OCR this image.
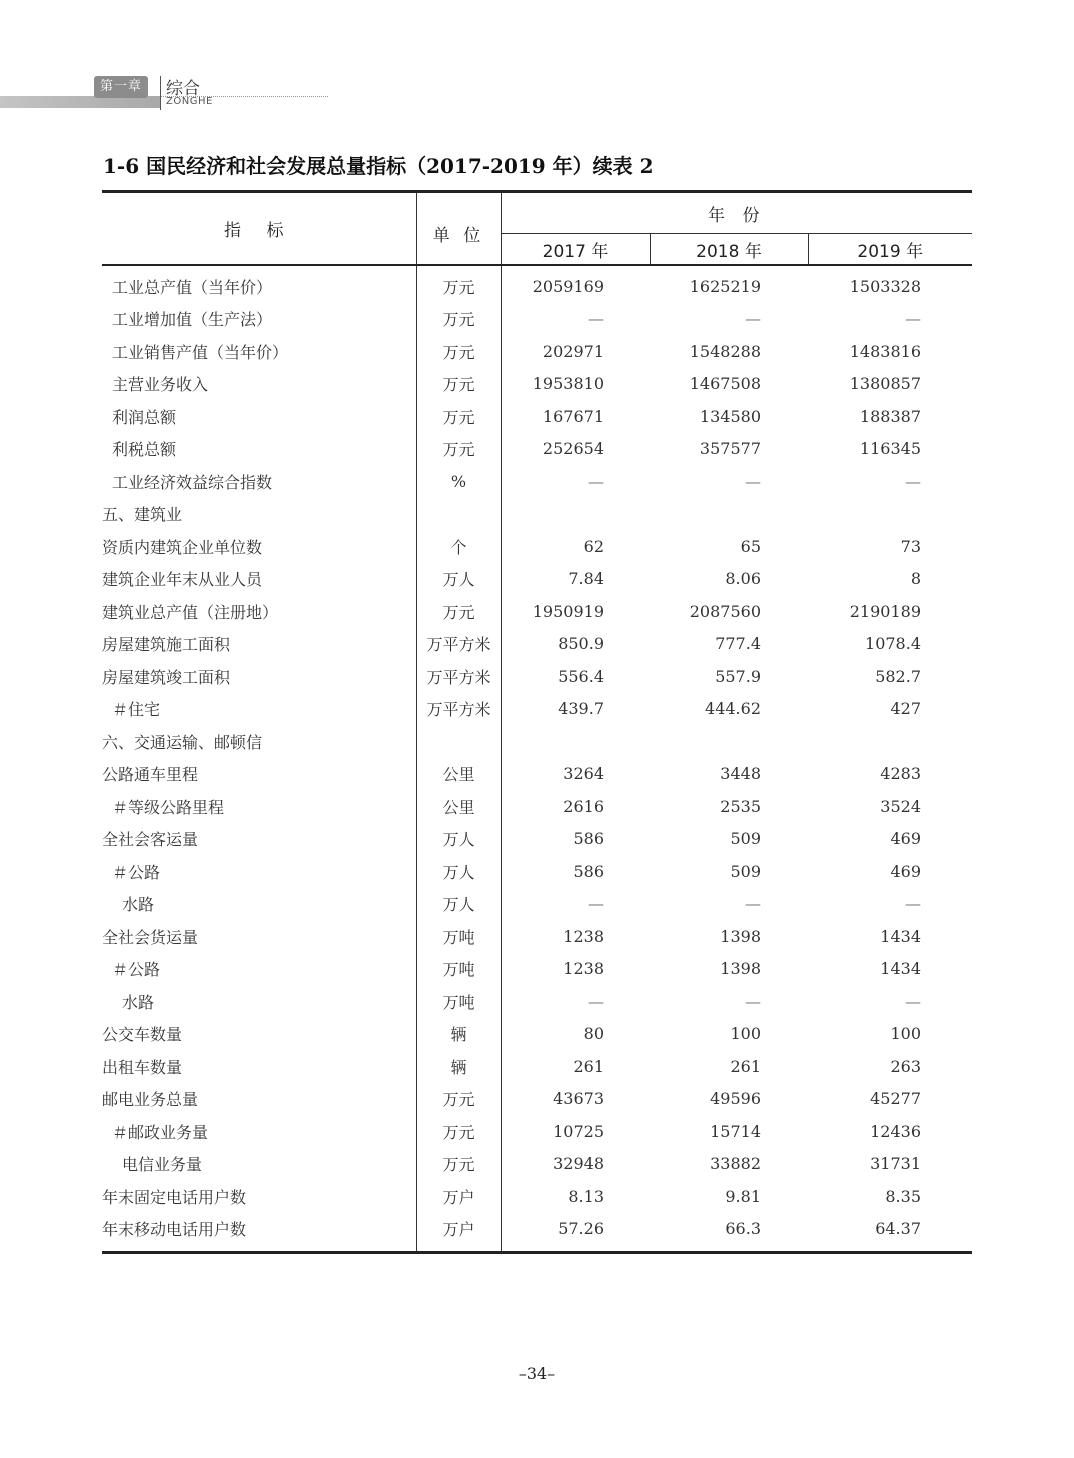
第一章	综合
ZONGHE
1-6 国民经济和社会发展总量指标（2017-2019 年）续表 2
指 标	单 位	年 份		
		2017 年	2018 年	2019 年
工业总产值（当年价）	万元	2059169	1625219	1503328
工业增加值（生产法）	万元	—	—	—
工业销售产值（当年价）	万元	202971	1548288	1483816
主营业务收入	万元	1953810	1467508	1380857
利润总额	万元	167671	134580	188387
利税总额	万元	252654	357577	116345
工业经济效益综合指数	%	—	—	—
五、建筑业				
资质内建筑企业单位数	个	62	65	73
建筑企业年末从业人员	万人	7.84	8.06	8
建筑业总产值（注册地）	万元	1950919	2087560	2190189
房屋建筑施工面积	万平方米	850.9	777.4	1078.4
房屋建筑竣工面积	万平方米	556.4	557.9	582.7
＃住宅	万平方米	439.7	444.62	427
六、交通运输、邮顿信				
公路通车里程	公里	3264	3448	4283
＃等级公路里程	公里	2616	2535	3524
全社会客运量	万人	586	509	469
＃公路	万人	586	509	469
水路	万人	—	—	—
全社会货运量	万吨	1238	1398	1434
＃公路	万吨	1238	1398	1434
水路	万吨	—	—	—
公交车数量	辆	80	100	100
出租车数量	辆	261	261	263
邮电业务总量	万元	43673	49596	45277
＃邮政业务量	万元	10725	15714	12436
电信业务量	万元	32948	33882	31731
年末固定电话用户数	万户	8.13	9.81	8.35
年末移动电话用户数	万户	57.26	66.3	64.37
–34–
